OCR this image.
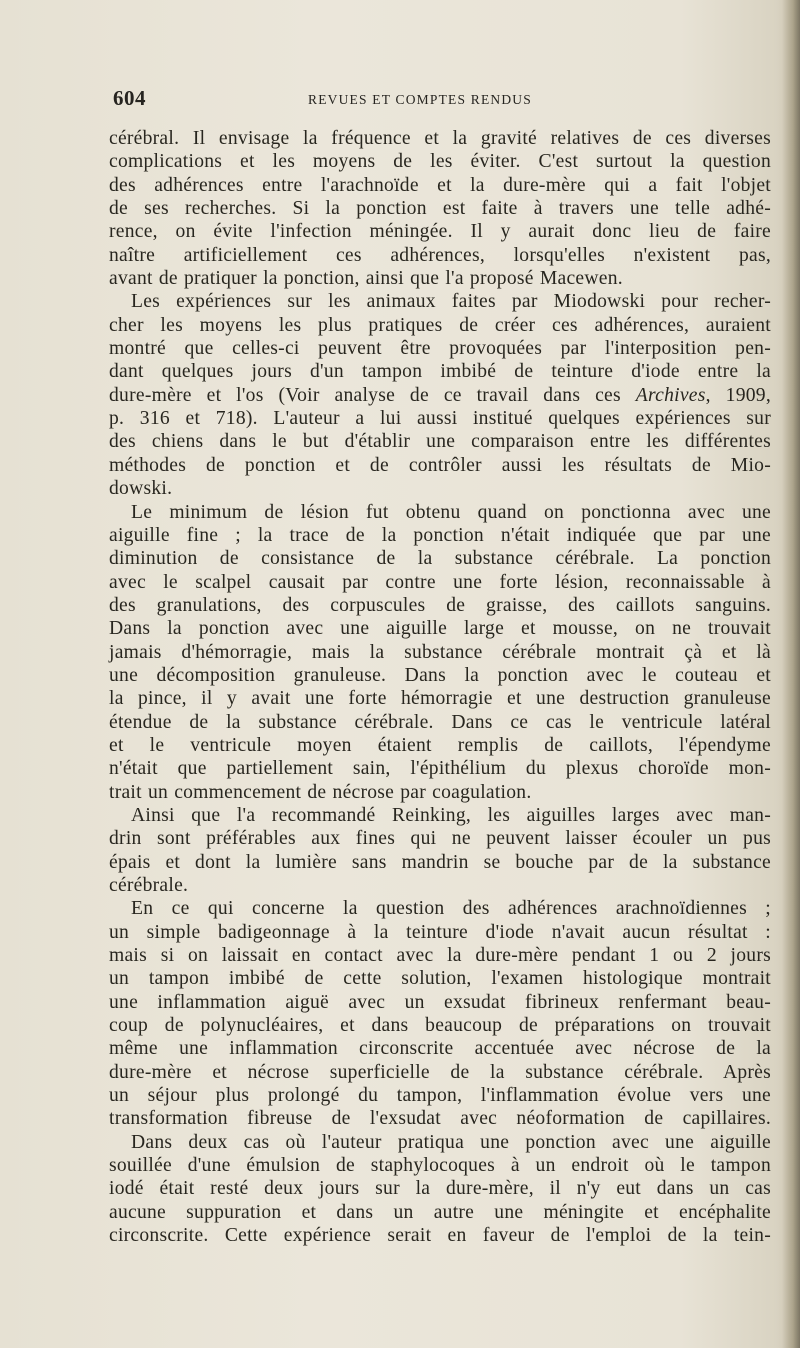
604	REVUES ET COMPTES RENDUS
cérébral. Il envisage la fréquence et la gravité relatives de ces diverses
complications et les moyens de les éviter. C'est surtout la question
des adhérences entre l'arachnoïde et la dure-mère qui a fait l'objet
de ses recherches. Si la ponction est faite à travers une telle adhé-
rence, on évite l'infection méningée. Il y aurait donc lieu de faire
naître artificiellement ces adhérences, lorsqu'elles n'existent pas,
avant de pratiquer la ponction, ainsi que l'a proposé Macewen.
Les expériences sur les animaux faites par Miodowski pour recher-
cher les moyens les plus pratiques de créer ces adhérences, auraient
montré que celles-ci peuvent être provoquées par l'interposition pen-
dant quelques jours d'un tampon imbibé de teinture d'iode entre la
dure-mère et l'os (Voir analyse de ce travail dans ces Archives, 1909,
p. 316 et 718). L'auteur a lui aussi institué quelques expériences sur
des chiens dans le but d'établir une comparaison entre les différentes
méthodes de ponction et de contrôler aussi les résultats de Mio-
dowski.
Le minimum de lésion fut obtenu quand on ponctionna avec une
aiguille fine ; la trace de la ponction n'était indiquée que par une
diminution de consistance de la substance cérébrale. La ponction
avec le scalpel causait par contre une forte lésion, reconnaissable à
des granulations, des corpuscules de graisse, des caillots sanguins.
Dans la ponction avec une aiguille large et mousse, on ne trouvait
jamais d'hémorragie, mais la substance cérébrale montrait çà et là
une décomposition granuleuse. Dans la ponction avec le couteau et
la pince, il y avait une forte hémorragie et une destruction granuleuse
étendue de la substance cérébrale. Dans ce cas le ventricule latéral
et le ventricule moyen étaient remplis de caillots, l'épendyme
n'était que partiellement sain, l'épithélium du plexus choroïde mon-
trait un commencement de nécrose par coagulation.
Ainsi que l'a recommandé Reinking, les aiguilles larges avec man-
drin sont préférables aux fines qui ne peuvent laisser écouler un pus
épais et dont la lumière sans mandrin se bouche par de la substance
cérébrale.
En ce qui concerne la question des adhérences arachnoïdiennes ;
un simple badigeonnage à la teinture d'iode n'avait aucun résultat :
mais si on laissait en contact avec la dure-mère pendant 1 ou 2 jours
un tampon imbibé de cette solution, l'examen histologique montrait
une inflammation aiguë avec un exsudat fibrineux renfermant beau-
coup de polynucléaires, et dans beaucoup de préparations on trouvait
même une inflammation circonscrite accentuée avec nécrose de la
dure-mère et nécrose superficielle de la substance cérébrale. Après
un séjour plus prolongé du tampon, l'inflammation évolue vers une
transformation fibreuse de l'exsudat avec néoformation de capillaires.
Dans deux cas où l'auteur pratiqua une ponction avec une aiguille
souillée d'une émulsion de staphylocoques à un endroit où le tampon
iodé était resté deux jours sur la dure-mère, il n'y eut dans un cas
aucune suppuration et dans un autre une méningite et encéphalite
circonscrite. Cette expérience serait en faveur de l'emploi de la tein-
